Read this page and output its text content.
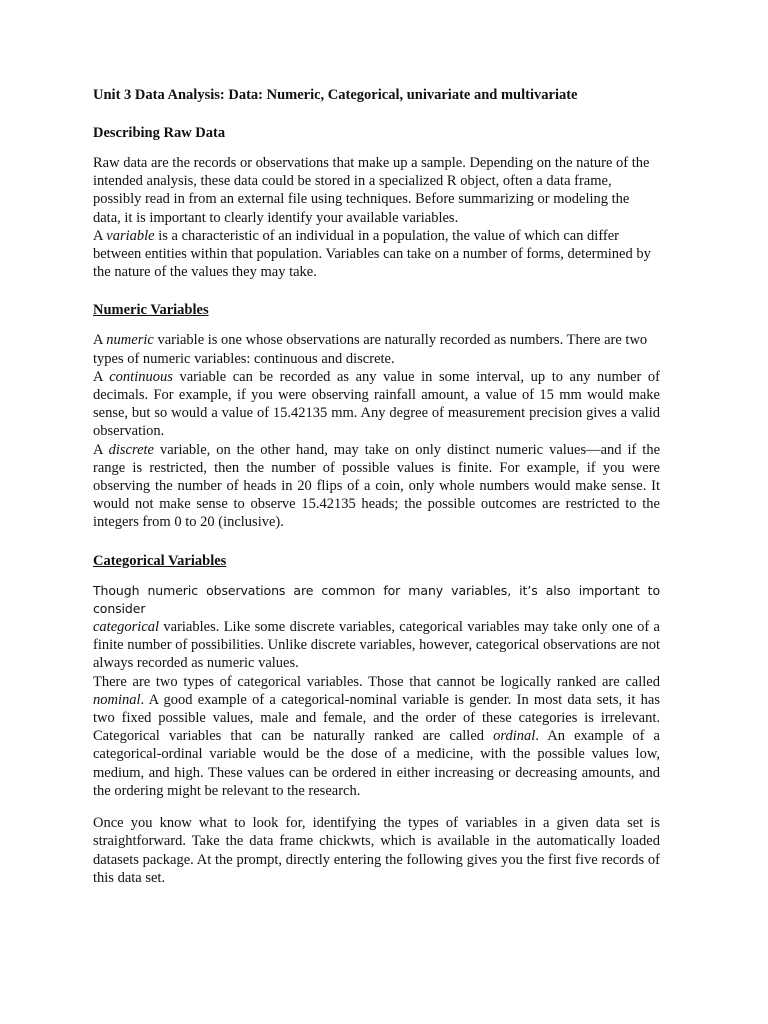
Unit 3 Data Analysis: Data: Numeric, Categorical, univariate and multivariate
Describing Raw Data

Raw data are the records or observations that make up a sample. Depending on the nature of the intended analysis, these data could be stored in a specialized R object, often a data frame, possibly read in from an external file using techniques. Before summarizing or modeling the data, it is important to clearly identify your available variables.

A variable is a characteristic of an individual in a population, the value of which can differ between entities within that population. Variables can take on a number of forms, determined by the nature of the values they may take.

Numeric Variables

A numeric variable is one whose observations are naturally recorded as numbers. There are two types of numeric variables: continuous and discrete.

A continuous variable can be recorded as any value in some interval, up to any number of decimals. For example, if you were observing rainfall amount, a value of 15 mm would make sense, but so would a value of 15.42135 mm. Any degree of measurement precision gives a valid observation.

A discrete variable, on the other hand, may take on only distinct numeric values—and if the range is restricted, then the number of possible values is finite. For example, if you were observing the number of heads in 20 flips of a coin, only whole numbers would make sense. It would not make sense to observe 15.42135 heads; the possible outcomes are restricted to the integers from 0 to 20 (inclusive).

Categorical Variables

Though numeric observations are common for many variables, it’s also important to consider
categorical variables. Like some discrete variables, categorical variables may take only one of a finite number of possibilities. Unlike discrete variables, however, categorical observations are not always recorded as numeric values.

There are two types of categorical variables. Those that cannot be logically ranked are called nominal. A good example of a categorical-nominal variable is gender. In most data sets, it has two fixed possible values, male and female, and the order of these categories is irrelevant. Categorical variables that can be naturally ranked are called ordinal. An example of a categorical-ordinal variable would be the dose of a medicine, with the possible values low, medium, and high. These values can be ordered in either increasing or decreasing amounts, and the ordering might be relevant to the research.

Once you know what to look for, identifying the types of variables in a given data set is straightforward. Take the data frame chickwts, which is available in the automatically loaded datasets package. At the prompt, directly entering the following gives you the first five records of this data set.
